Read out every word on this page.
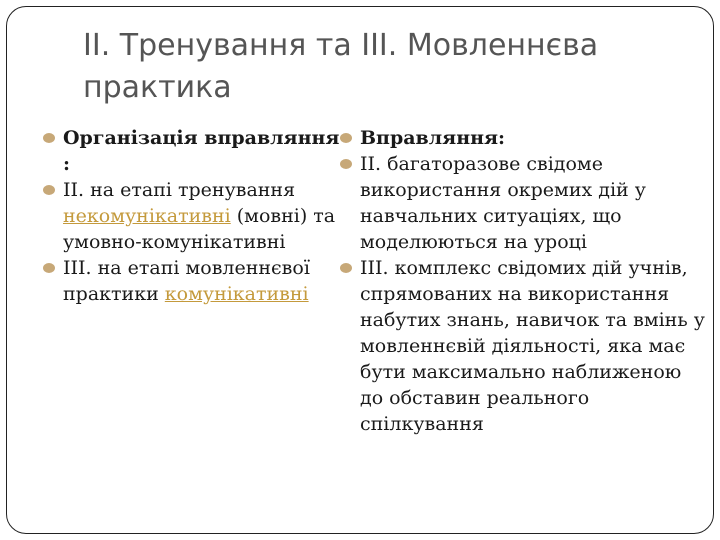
ІІ. Тренування та ІІІ. Мовленнєва практика
Організація вправляння :
ІІ. на етапі тренування некомунікативні (мовні) та умовно-комунікативні
ІІІ. на етапі мовленнєвої практики комунікативні
Вправляння:
ІІ. багаторазове свідоме використання окремих дій у навчальних ситуаціях, що моделюються на уроці
ІІІ. комплекс свідомих дій учнів, спрямованих на використання набутих знань, навичок та вмінь у мовленнєвій діяльності, яка має бути максимально наближеною до обставин реального спілкування
